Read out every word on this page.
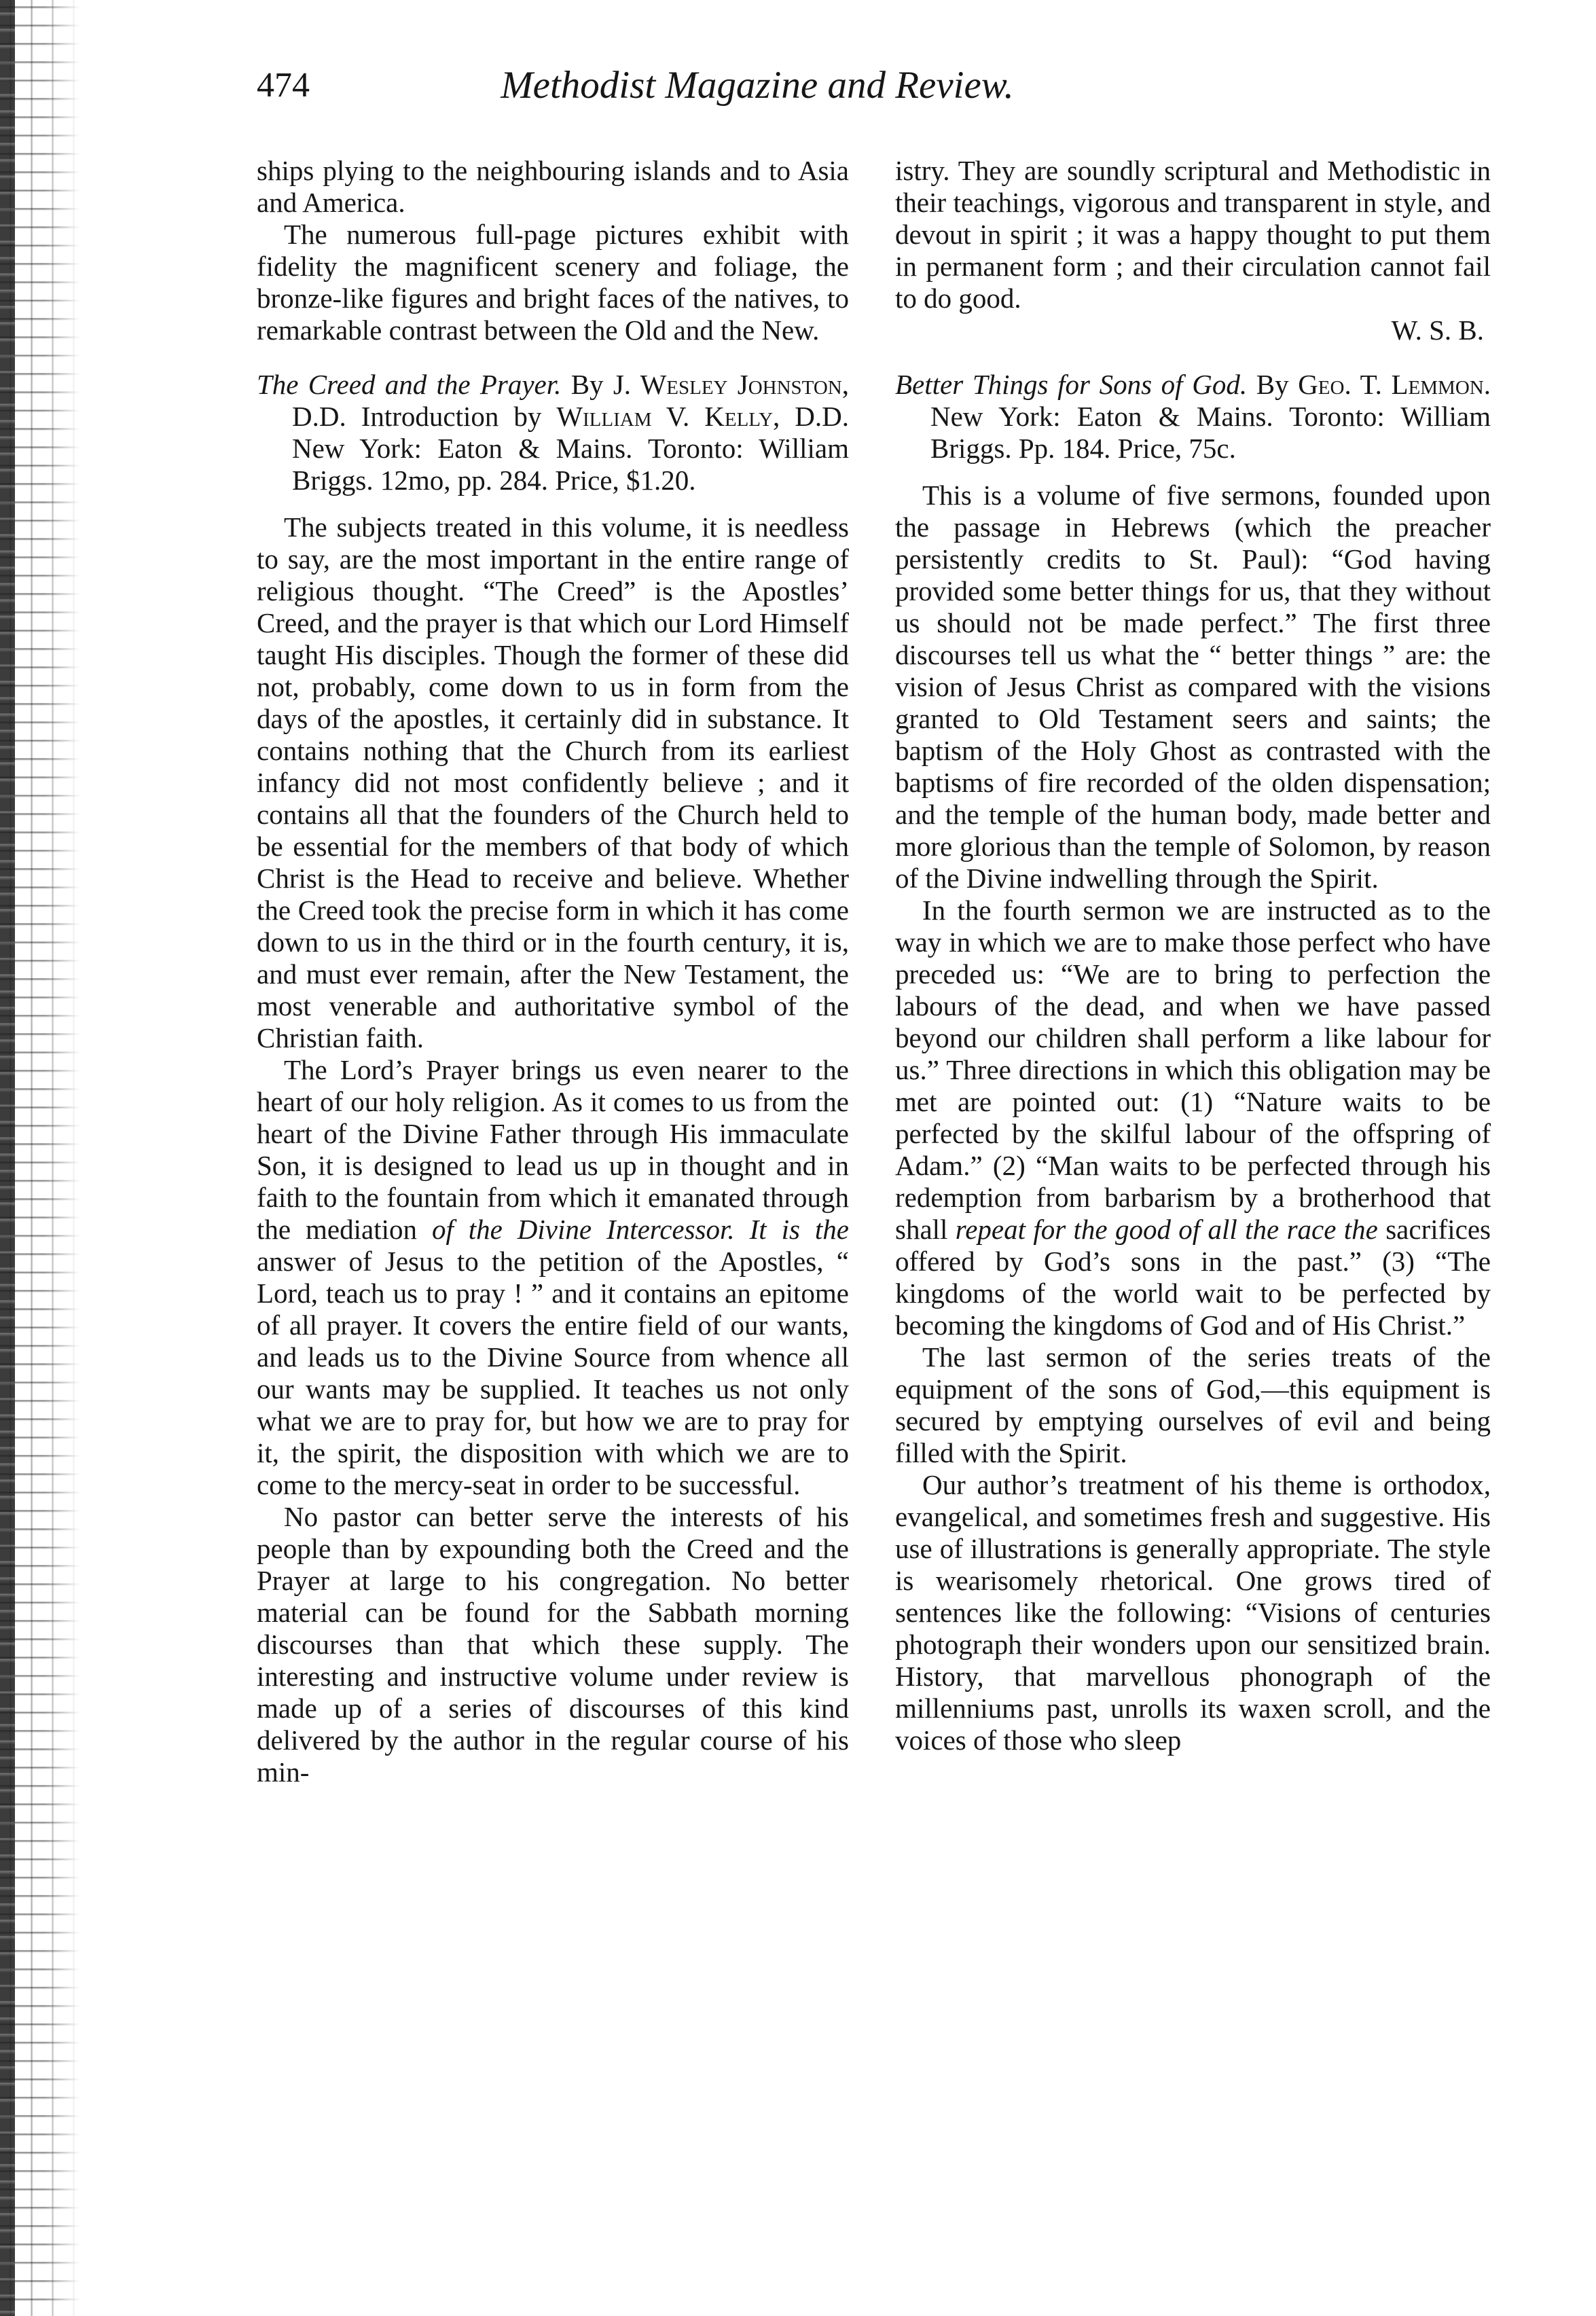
474	Methodist Magazine and Review.

ships plying to the neighbouring islands and to Asia and America.

The numerous full-page pictures exhibit with fidelity the magnificent scenery and foliage, the bronze-like figures and bright faces of the natives, to remarkable contrast between the Old and the New.

The Creed and the Prayer. By J. Wesley Johnston, D.D. Introduction by William V. Kelly, D.D. New York: Eaton & Mains. Toronto: William Briggs. 12mo, pp. 284. Price, $1.20.

The subjects treated in this volume, it is needless to say, are the most important in the entire range of religious thought. “The Creed” is the Apostles’ Creed, and the prayer is that which our Lord Himself taught His disciples. Though the former of these did not, probably, come down to us in form from the days of the apostles, it certainly did in substance. It contains nothing that the Church from its earliest infancy did not most confidently believe ; and it contains all that the founders of the Church held to be essential for the members of that body of which Christ is the Head to receive and believe. Whether the Creed took the precise form in which it has come down to us in the third or in the fourth century, it is, and must ever remain, after the New Testament, the most venerable and authoritative symbol of the Christian faith.

The Lord’s Prayer brings us even nearer to the heart of our holy religion. As it comes to us from the heart of the Divine Father through His immaculate Son, it is designed to lead us up in thought and in faith to the fountain from which it emanated through the mediation of the Divine Intercessor. It is the answer of Jesus to the petition of the Apostles, “ Lord, teach us to pray ! ” and it contains an epitome of all prayer. It covers the entire field of our wants, and leads us to the Divine Source from whence all our wants may be supplied. It teaches us not only what we are to pray for, but how we are to pray for it, the spirit, the disposition with which we are to come to the mercy-seat in order to be successful.

No pastor can better serve the interests of his people than by expounding both the Creed and the Prayer at large to his congregation. No better material can be found for the Sabbath morning discourses than that which these supply. The interesting and instructive volume under review is made up of a series of discourses of this kind delivered by the author in the regular course of his min-

istry. They are soundly scriptural and Methodistic in their teachings, vigorous and transparent in style, and devout in spirit ; it was a happy thought to put them in permanent form ; and their circulation cannot fail to do good.

W. S. B.

Better Things for Sons of God. By Geo. T. Lemmon. New York: Eaton & Mains. Toronto: William Briggs. Pp. 184. Price, 75c.

This is a volume of five sermons, founded upon the passage in Hebrews (which the preacher persistently credits to St. Paul): “God having provided some better things for us, that they without us should not be made perfect.” The first three discourses tell us what the “ better things ” are: the vision of Jesus Christ as compared with the visions granted to Old Testament seers and saints; the baptism of the Holy Ghost as contrasted with the baptisms of fire recorded of the olden dispensation; and the temple of the human body, made better and more glorious than the temple of Solomon, by reason of the Divine indwelling through the Spirit.

In the fourth sermon we are instructed as to the way in which we are to make those perfect who have preceded us: “We are to bring to perfection the labours of the dead, and when we have passed beyond our children shall perform a like labour for us.” Three directions in which this obligation may be met are pointed out: (1) “Nature waits to be perfected by the skilful labour of the offspring of Adam.” (2) “Man waits to be perfected through his redemption from barbarism by a brotherhood that shall repeat for the good of all the race the sacrifices offered by God’s sons in the past.” (3) “The kingdoms of the world wait to be perfected by becoming the kingdoms of God and of His Christ.”

The last sermon of the series treats of the equipment of the sons of God,—this equipment is secured by emptying ourselves of evil and being filled with the Spirit.

Our author’s treatment of his theme is orthodox, evangelical, and sometimes fresh and suggestive. His use of illustrations is generally appropriate. The style is wearisomely rhetorical. One grows tired of sentences like the following: “Visions of centuries photograph their wonders upon our sensitized brain. History, that marvellous phonograph of the millenniums past, unrolls its waxen scroll, and the voices of those who sleep
